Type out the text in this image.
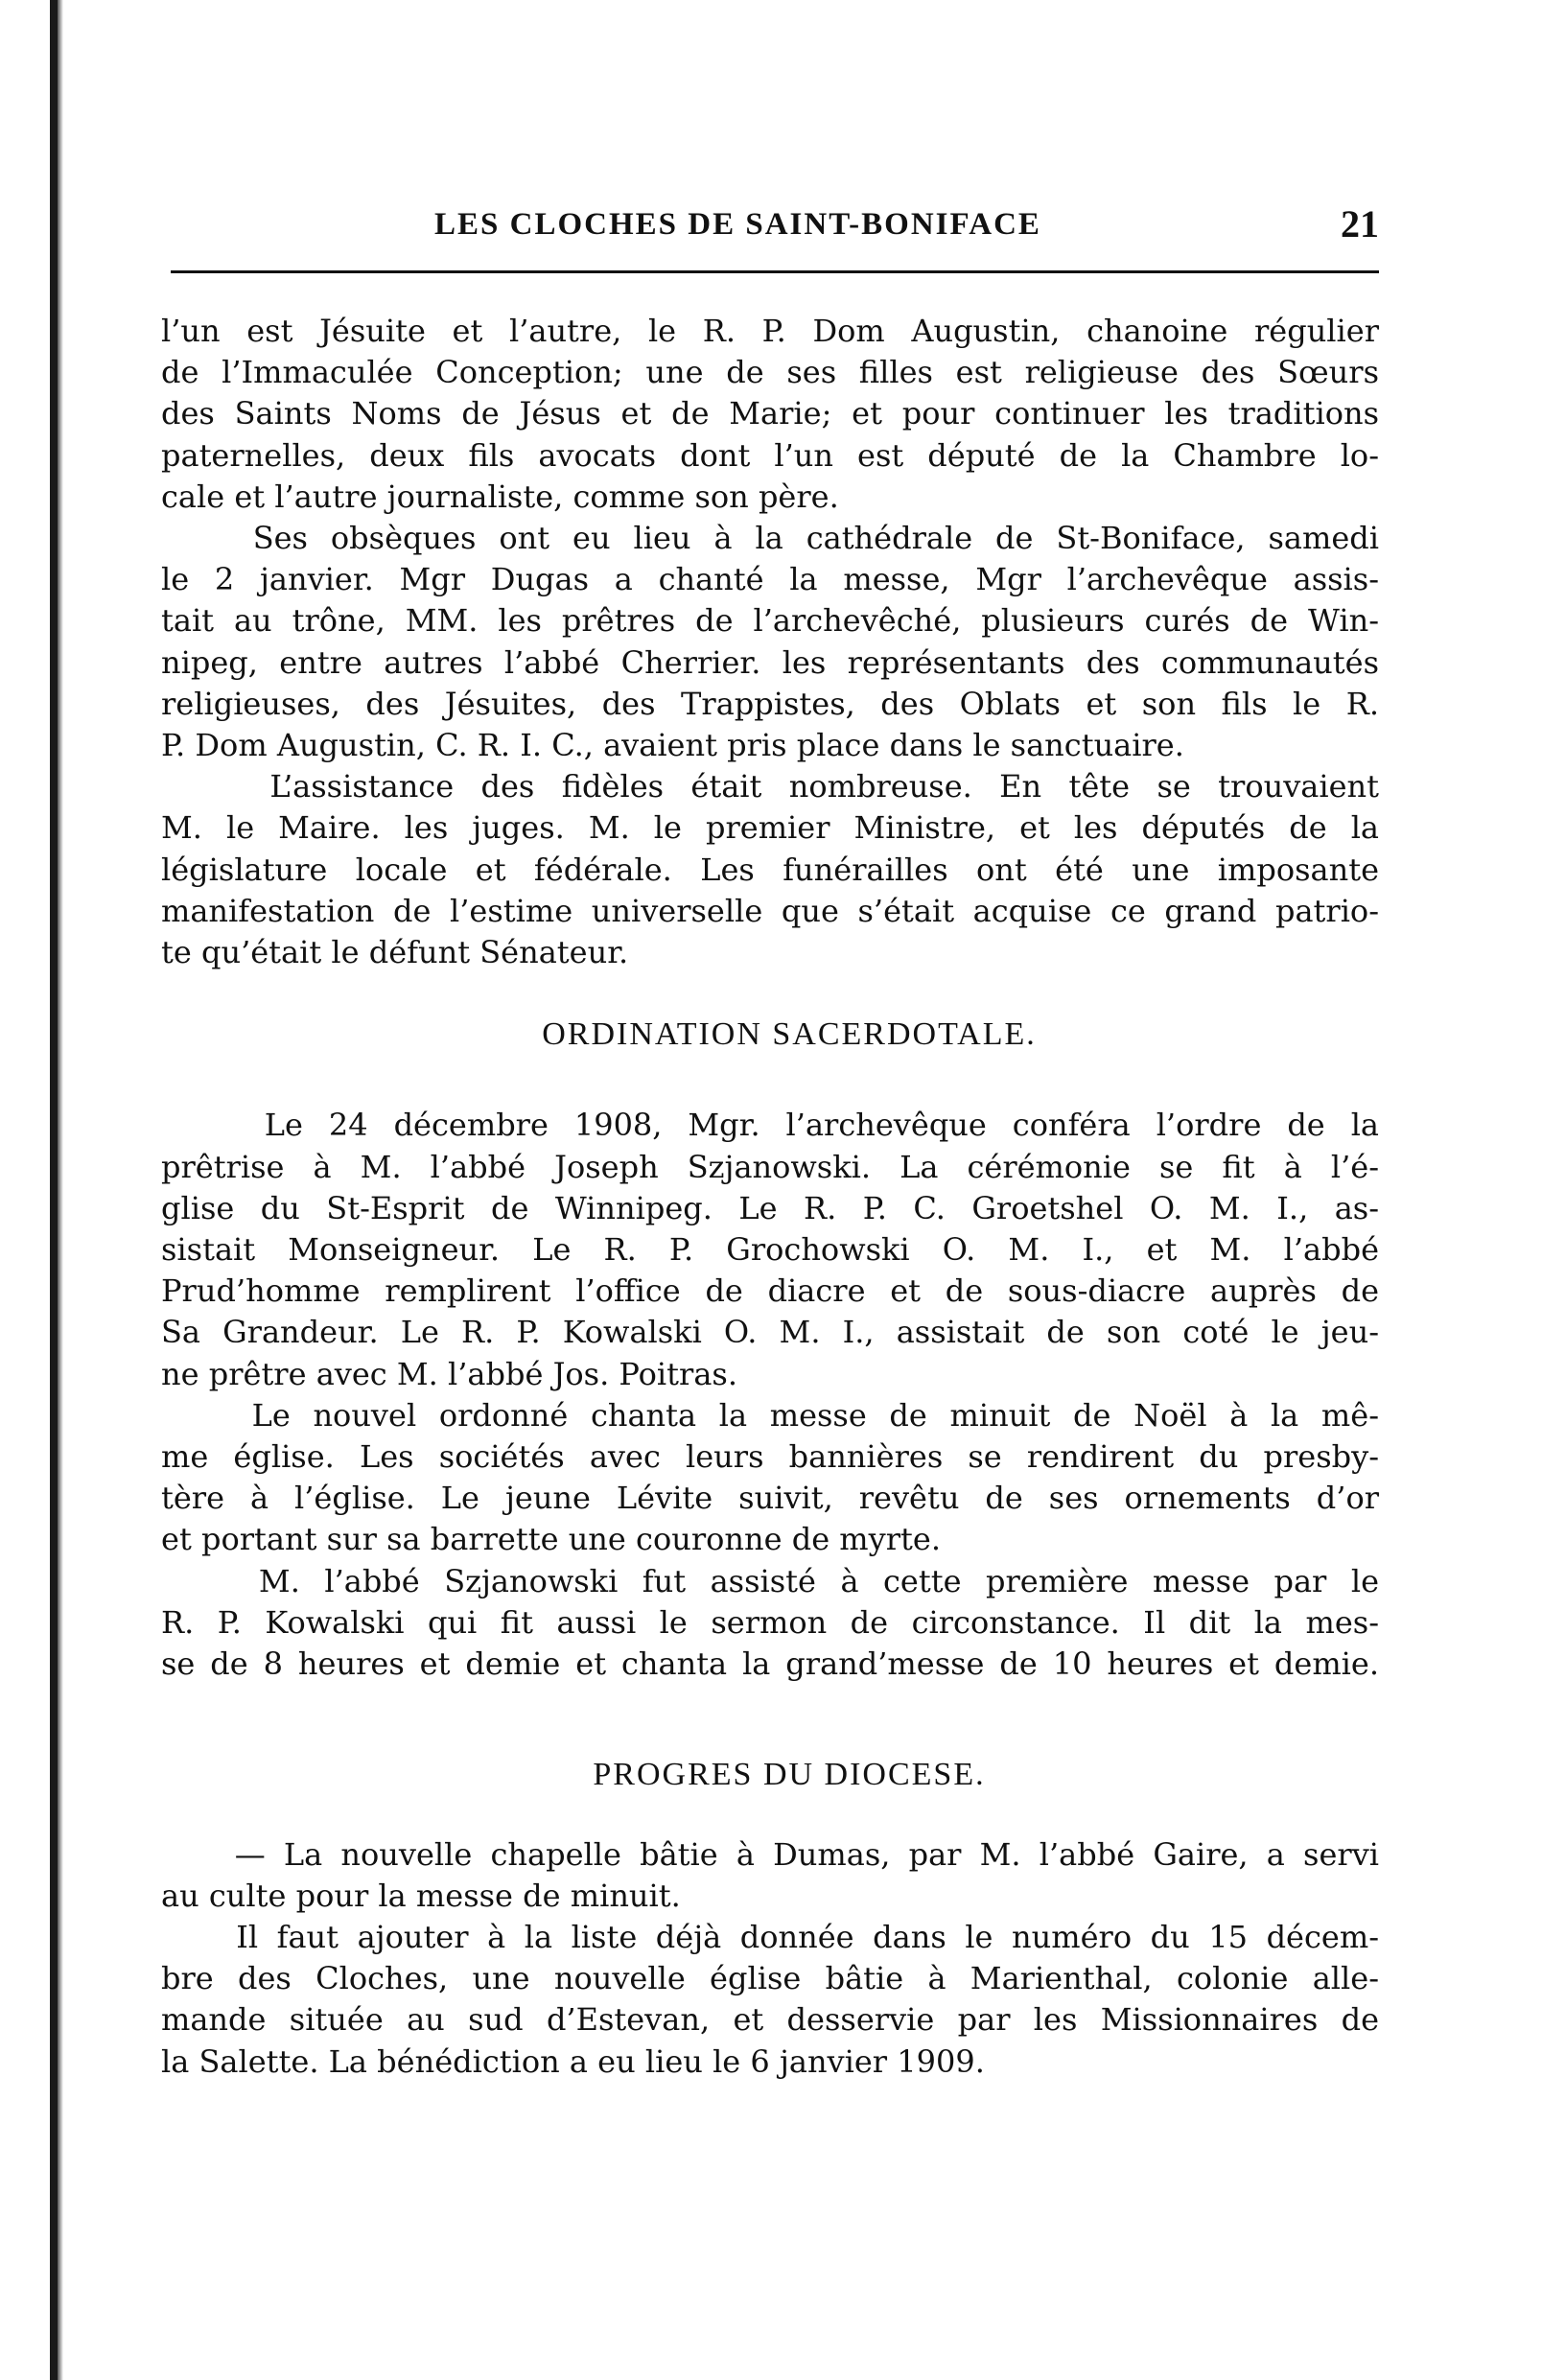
LES CLOCHES DE SAINT-BONIFACE	21
l’un est Jésuite et l’autre, le R. P. Dom Augustin, chanoine régulier
de l’Immaculée Conception; une de ses filles est religieuse des Sœurs
des Saints Noms de Jésus et de Marie; et pour continuer les traditions
paternelles, deux fils avocats dont l’un est député de la Chambre lo-
cale et l’autre journaliste, comme son père.
Ses obsèques ont eu lieu à la cathédrale de St-Boniface, samedi
le 2 janvier. Mgr Dugas a chanté la messe, Mgr l’archevêque assis-
tait au trône, MM. les prêtres de l’archevêché, plusieurs curés de Win-
nipeg, entre autres l’abbé Cherrier. les représentants des communautés
religieuses, des Jésuites, des Trappistes, des Oblats et son fils le R.
P. Dom Augustin, C. R. I. C., avaient pris place dans le sanctuaire.
L’assistance des fidèles était nombreuse. En tête se trouvaient
M. le Maire. les juges. M. le premier Ministre, et les députés de la
législature locale et fédérale. Les funérailles ont été une imposante
manifestation de l’estime universelle que s’était acquise ce grand patrio-
te qu’était le défunt Sénateur.
ORDINATION SACERDOTALE.
Le 24 décembre 1908, Mgr. l’archevêque conféra l’ordre de la
prêtrise à M. l’abbé Joseph Szjanowski. La cérémonie se fit à l’é-
glise du St-Esprit de Winnipeg. Le R. P. C. Groetshel O. M. I., as-
sistait Monseigneur. Le R. P. Grochowski O. M. I., et M. l’abbé
Prud’homme remplirent l’office de diacre et de sous-diacre auprès de
Sa Grandeur. Le R. P. Kowalski O. M. I., assistait de son coté le jeu-
ne prêtre avec M. l’abbé Jos. Poitras.
Le nouvel ordonné chanta la messe de minuit de Noël à la mê-
me église. Les sociétés avec leurs bannières se rendirent du presby-
tère à l’église. Le jeune Lévite suivit, revêtu de ses ornements d’or
et portant sur sa barrette une couronne de myrte.
M. l’abbé Szjanowski fut assisté à cette première messe par le
R. P. Kowalski qui fit aussi le sermon de circonstance. Il dit la mes-
se de 8 heures et demie et chanta la grand’messe de 10 heures et demie.
PROGRES DU DIOCESE.
— La nouvelle chapelle bâtie à Dumas, par M. l’abbé Gaire, a servi
au culte pour la messe de minuit.
Il faut ajouter à la liste déjà donnée dans le numéro du 15 décem-
bre des Cloches, une nouvelle église bâtie à Marienthal, colonie alle-
mande située au sud d’Estevan, et desservie par les Missionnaires de
la Salette. La bénédiction a eu lieu le 6 janvier 1909.
